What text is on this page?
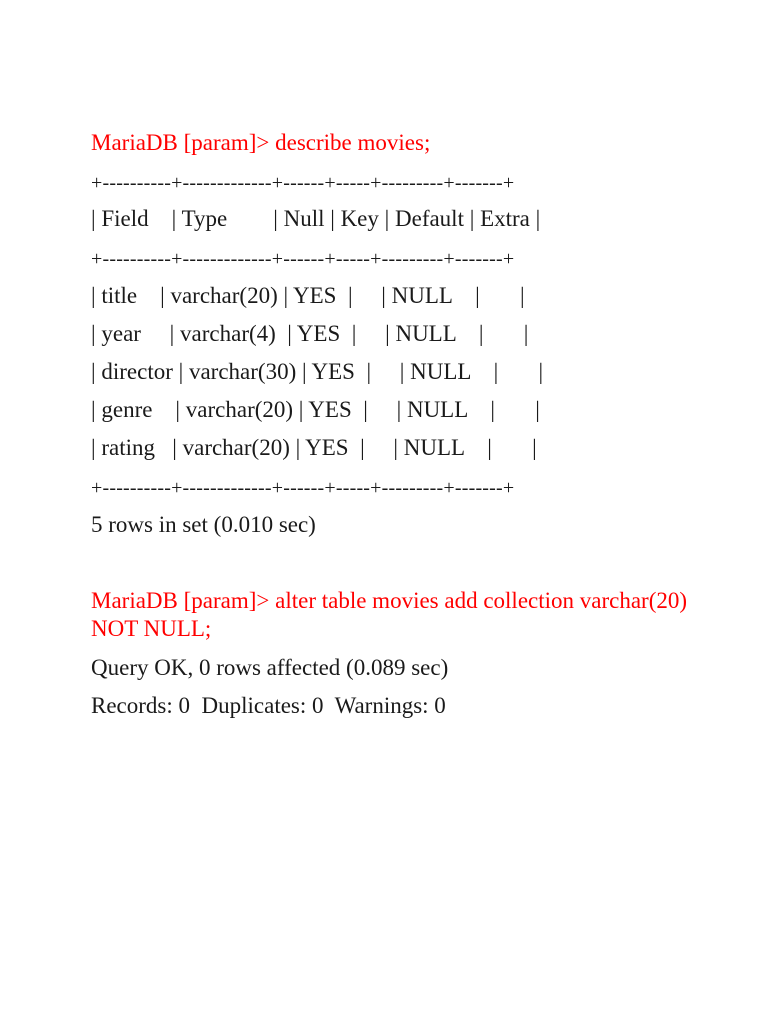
MariaDB [param]> describe movies;

+----------+-------------+------+-----+---------+-------+

| Field    | Type        | Null | Key | Default | Extra |

+----------+-------------+------+-----+---------+-------+

| title    | varchar(20) | YES  |     | NULL    |       |

| year     | varchar(4)  | YES  |     | NULL    |       |

| director | varchar(30) | YES  |     | NULL    |       |

| genre    | varchar(20) | YES  |     | NULL    |       |

| rating   | varchar(20) | YES  |     | NULL    |       |

+----------+-------------+------+-----+---------+-------+

5 rows in set (0.010 sec)

MariaDB [param]> alter table movies add collection varchar(20) NOT NULL;

Query OK, 0 rows affected (0.089 sec)

Records: 0  Duplicates: 0  Warnings: 0
